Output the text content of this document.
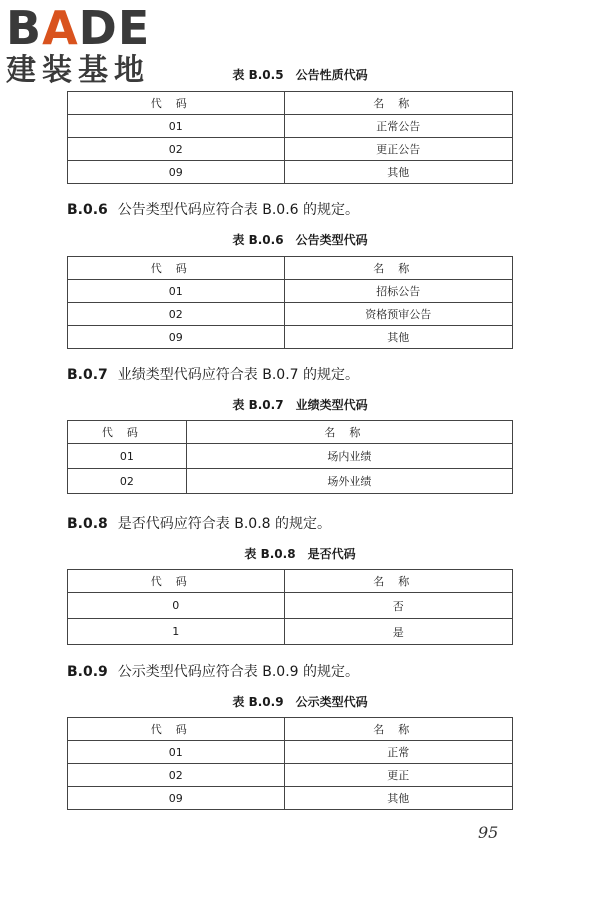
BADE
建装基地	表 B.0.5 公告性质代码
代码	名称
01	正常公告
02	更正公告
09	其他
B.0.6 公告类型代码应符合表 B.0.6 的规定。
表 B.0.6 公告类型代码
代码	名称
01	招标公告
02	资格预审公告
09	其他
B.0.7 业绩类型代码应符合表 B.0.7 的规定。
表 B.0.7 业绩类型代码
代码	名称
01	场内业绩
02	场外业绩
B.0.8 是否代码应符合表 B.0.8 的规定。
表 B.0.8 是否代码
代码	名称
0	否
1	是
B.0.9 公示类型代码应符合表 B.0.9 的规定。
表 B.0.9 公示类型代码
代码	名称
01	正常
02	更正
09	其他
95
